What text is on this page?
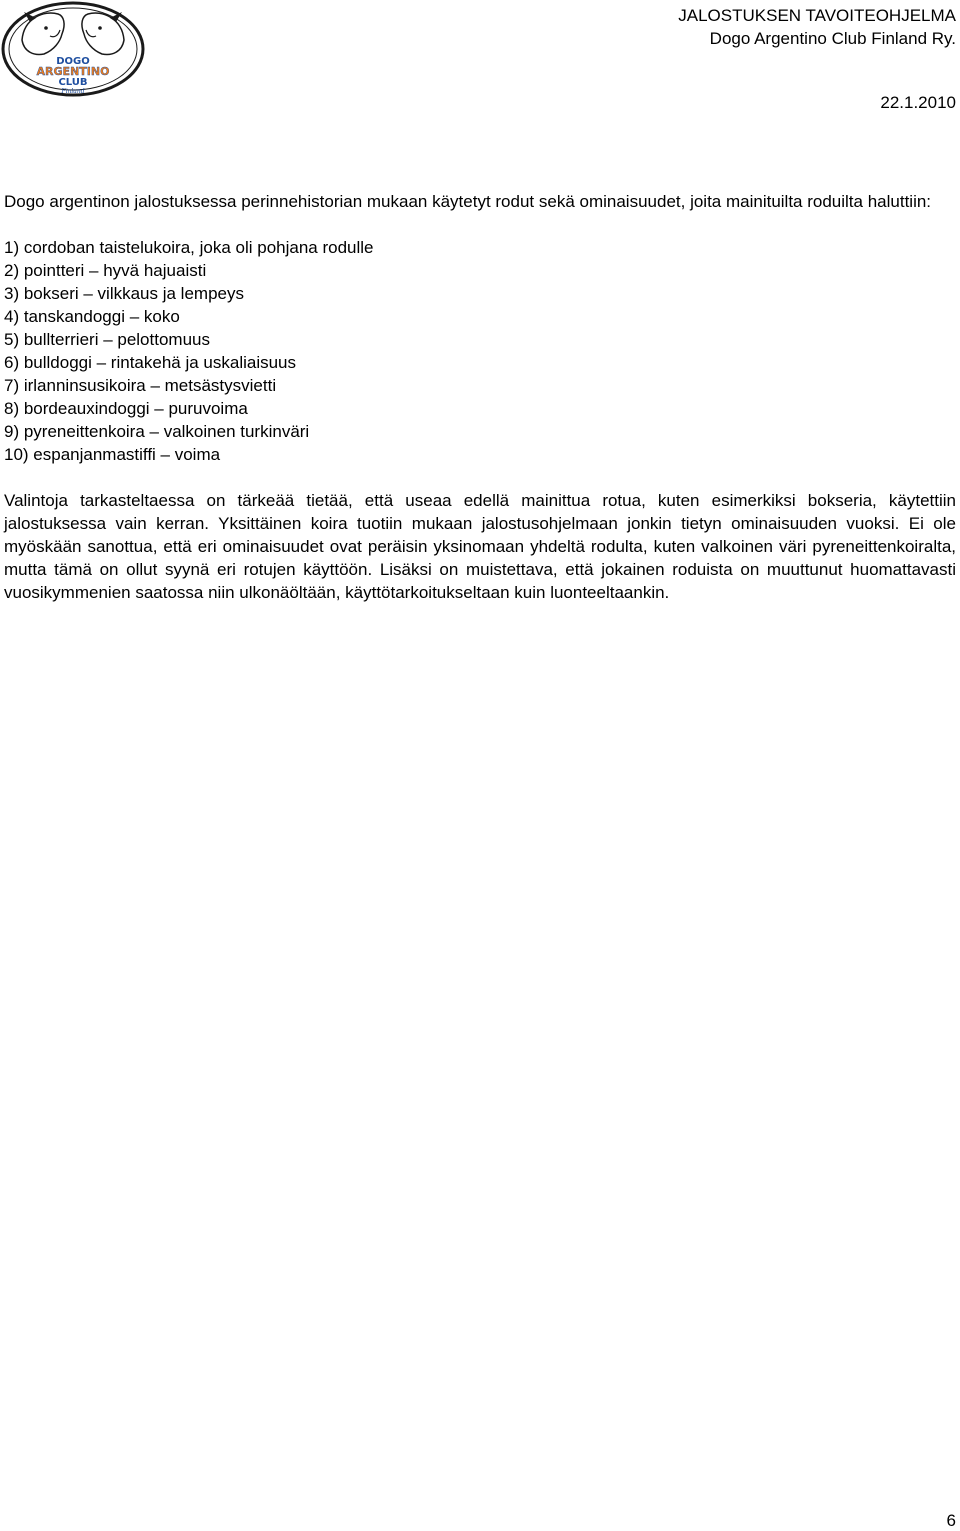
DOGO
ARGENTINO
CLUB
Finland
JALOSTUKSEN TAVOITEOHJELMA
Dogo Argentino Club Finland Ry.
22.1.2010

Dogo argentinon jalostuksessa perinnehistorian mukaan käytetyt rodut sekä ominaisuudet, joita mainituilta roduilta haluttiin:

1) cordoban taistelukoira, joka oli pohjana rodulle
2) pointteri – hyvä hajuaisti
3) bokseri – vilkkaus ja lempeys
4) tanskandoggi – koko
5) bullterrieri – pelottomuus
6) bulldoggi – rintakehä ja uskaliaisuus
7) irlanninsusikoira – metsästysvietti
8) bordeauxindoggi – puruvoima
9) pyreneittenkoira – valkoinen turkinväri
10) espanjanmastiffi – voima

Valintoja tarkasteltaessa on tärkeää tietää, että useaa edellä mainittua rotua, kuten esimerkiksi bokseria, käytettiin jalostuksessa vain kerran. Yksittäinen koira tuotiin mukaan jalostusohjelmaan jonkin tietyn ominaisuuden vuoksi. Ei ole myöskään sanottua, että eri ominaisuudet ovat peräisin yksinomaan yhdeltä rodulta, kuten valkoinen väri pyreneittenkoiralta, mutta tämä on ollut syynä eri rotujen käyttöön. Lisäksi on muistettava, että jokainen roduista on muuttunut huomattavasti vuosikymmenien saatossa niin ulkonäöltään, käyttötarkoitukseltaan kuin luonteeltaankin.

6
